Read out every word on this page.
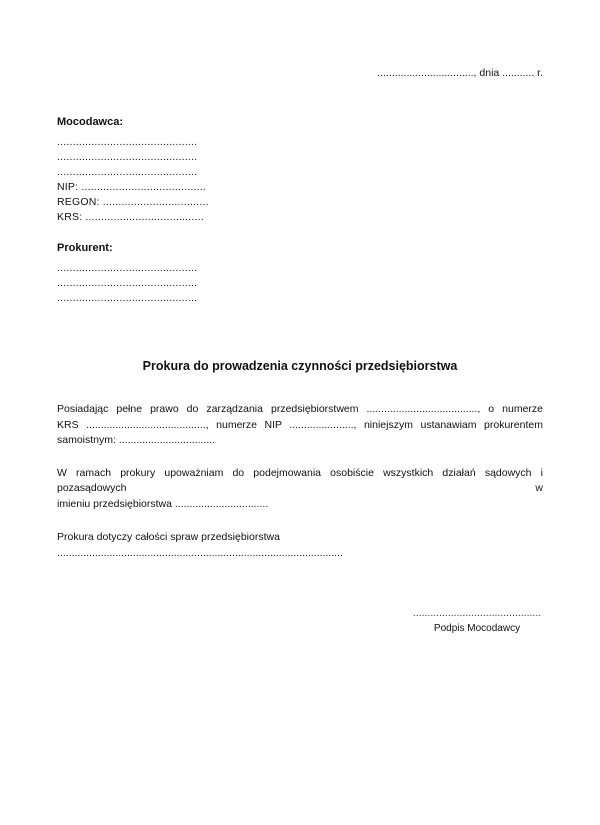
................................., dnia ........... r.
Mocodawca:
.............................................
.............................................
.............................................
NIP: ........................................
REGON: ..................................
KRS: ......................................
Prokurent:
.............................................
.............................................
.............................................
Prokura do prowadzenia czynności przedsiębiorstwa
Posiadając pełne prawo do zarządzania przedsiębiorstwem ......................................, o numerze
KRS ........................................., numerze NIP ......................, niniejszym ustanawiam prokurentem
samoistnym: .................................
W ramach prokury upoważniam do podejmowania osobiście wszystkich działań sądowych i pozasądowych w
imieniu przedsiębiorstwa ................................
Prokura dotyczy całości spraw przedsiębiorstwa
..................................................................................................
............................................
Podpis Mocodawcy
